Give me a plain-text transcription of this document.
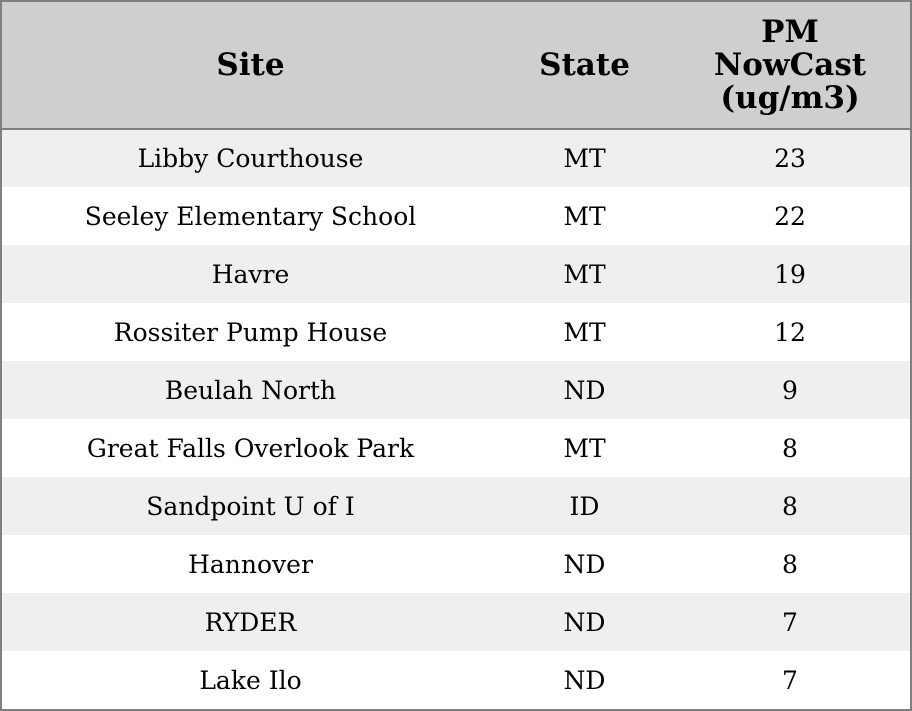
Site	State	PM
NowCast
(ug/m3)
Libby Courthouse	MT	23
Seeley Elementary School	MT	22
Havre	MT	19
Rossiter Pump House	MT	12
Beulah North	ND	9
Great Falls Overlook Park	MT	8
Sandpoint U of I	ID	8
Hannover	ND	8
RYDER	ND	7
Lake Ilo	ND	7
